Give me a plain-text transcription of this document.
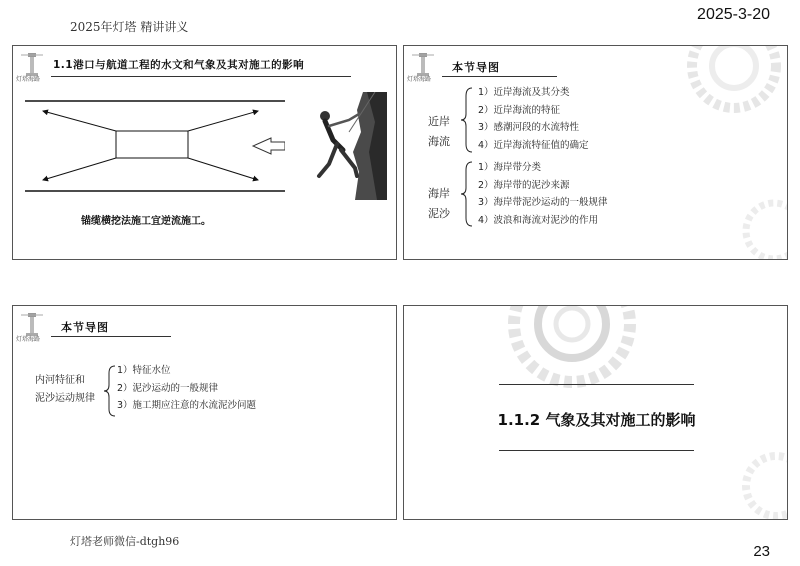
2025年灯塔 精讲讲义
2025-3-20
灯塔海路
1.1港口与航道工程的水文和气象及其对施工的影响
锚缆横挖法施工宜逆流施工。
灯塔海路
本节导图
近岸
海流
1）近岸海流及其分类
2）近岸海流的特征
3）感潮河段的水流特性
4）近岸海流特征值的确定
海岸
泥沙
1）海岸带分类
2）海岸带的泥沙来源
3）海岸带泥沙运动的一般规律
4）波浪和海流对泥沙的作用
灯塔海路
本节导图
内河特征和
泥沙运动规律
1）特征水位
2）泥沙运动的一般规律
3）施工期应注意的水流泥沙问题
1.1.2 气象及其对施工的影响
灯塔老师微信-dtgh96
23
